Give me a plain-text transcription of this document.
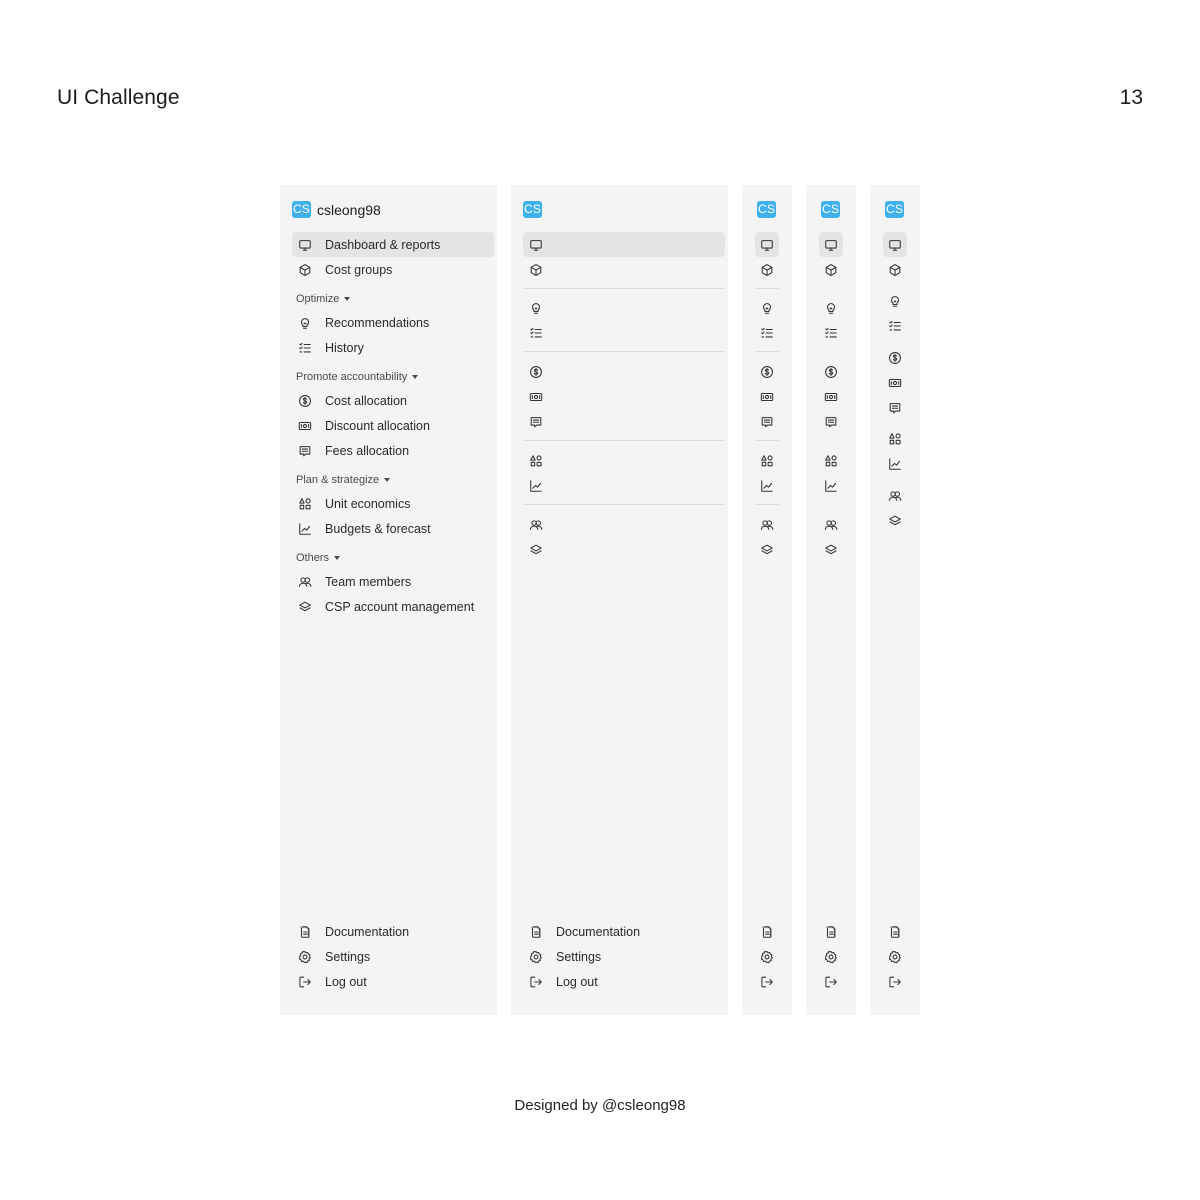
UI Challenge	13
Designed by @csleong98
CS csleong98
Dashboard & reports
Cost groups
Optimize
Recommendations
History
Promote accountability
Cost allocation
Discount allocation
Fees allocation
Plan & strategize
Unit economics
Budgets & forecast
Others
Team members
CSP account management
Documentation
Settings
Log out
CS
Documentation
Settings
Log out
CS	CS	CS
